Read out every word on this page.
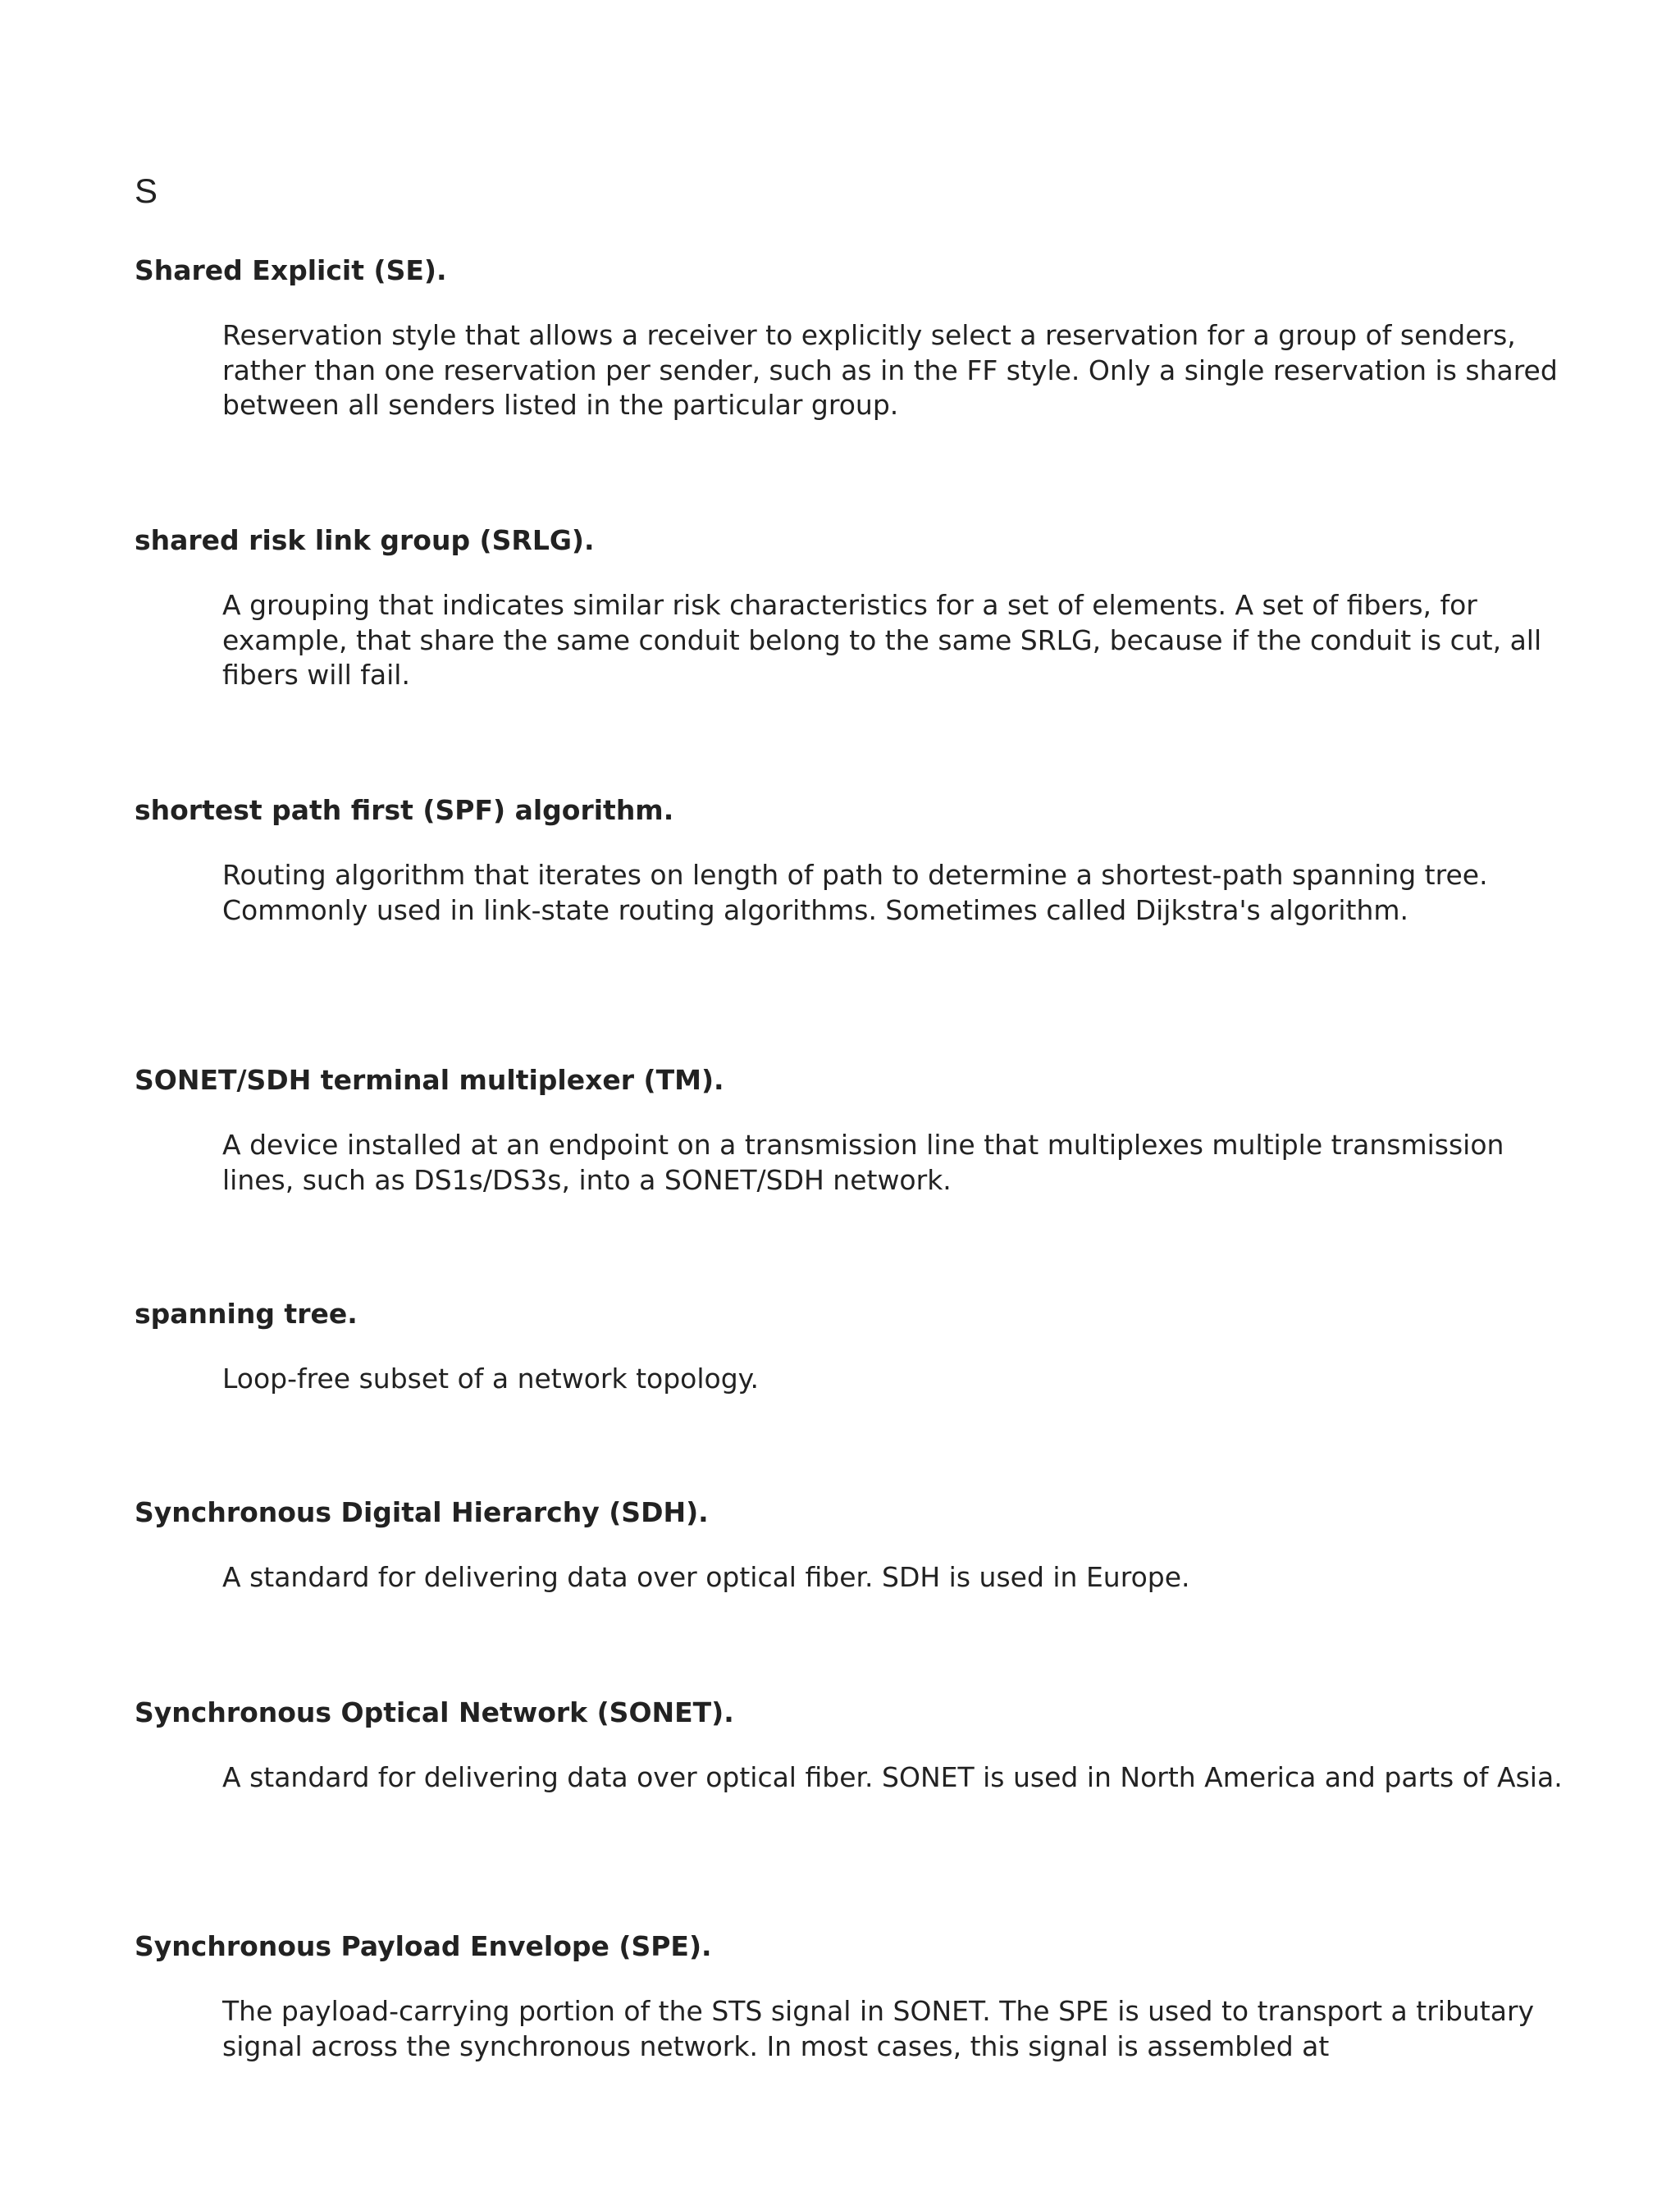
S
Shared Explicit (SE).
Reservation style that allows a receiver to explicitly select a reservation for a group of senders, rather than one reservation per sender, such as in the FF style. Only a single reservation is shared between all senders listed in the particular group.
shared risk link group (SRLG).
A grouping that indicates similar risk characteristics for a set of elements. A set of fibers, for example, that share the same conduit belong to the same SRLG, because if the conduit is cut, all fibers will fail.
shortest path first (SPF) algorithm.
Routing algorithm that iterates on length of path to determine a shortest-path spanning tree. Commonly used in link-state routing algorithms. Sometimes called Dijkstra's algorithm.
SONET/SDH terminal multiplexer (TM).
A device installed at an endpoint on a transmission line that multiplexes multiple transmission lines, such as DS1s/DS3s, into a SONET/SDH network.
spanning tree.
Loop-free subset of a network topology.
Synchronous Digital Hierarchy (SDH).
A standard for delivering data over optical fiber. SDH is used in Europe.
Synchronous Optical Network (SONET).
A standard for delivering data over optical fiber. SONET is used in North America and parts of Asia.
Synchronous Payload Envelope (SPE).
The payload-carrying portion of the STS signal in SONET. The SPE is used to transport a tributary signal across the synchronous network. In most cases, this signal is assembled at
